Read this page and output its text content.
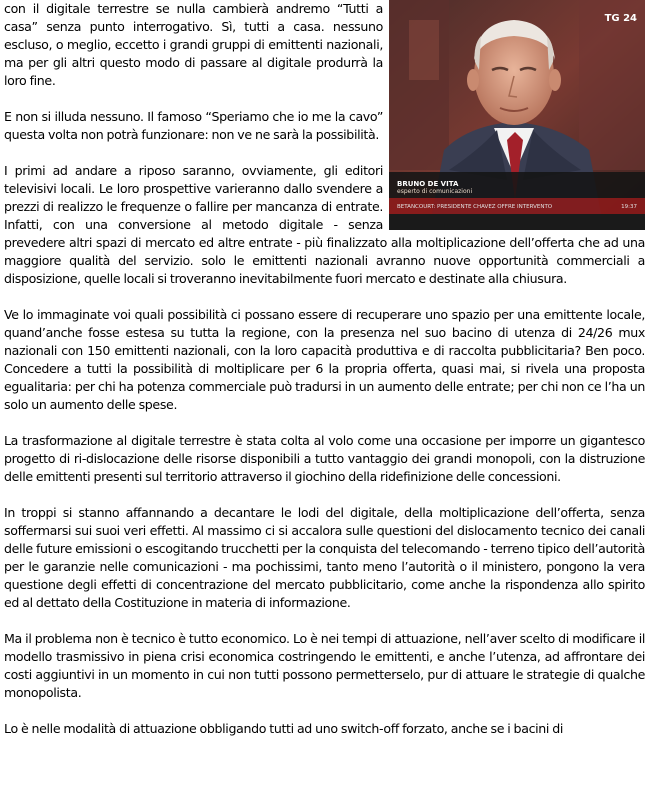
TG 24
BRUNO DE VITA
esperto di comunicazioni
BETANCOURT: PRESIDENTE CHAVEZ OFFRE INTERVENTO	19:37

con il digitale terrestre se nulla cambierà andremo “Tutti a casa” senza punto interrogativo. Sì, tutti a casa. nessuno escluso, o meglio, eccetto i grandi gruppi di emittenti nazionali, ma per gli altri questo modo di passare al digitale produrrà la loro fine.

E non si illuda nessuno. Il famoso “Speriamo che io me la cavo” questa volta non potrà funzionare: non ve ne sarà la possibilità.

I primi ad andare a riposo saranno, ovviamente, gli editori televisivi locali. Le loro prospettive varieranno dallo svendere a prezzi di realizzo le frequenze o fallire per mancanza di entrate. Infatti, con una conversione al metodo digitale - senza prevedere altri spazi di mercato ed altre entrate - più finalizzato alla moltiplicazione dell’offerta che ad una maggiore qualità del servizio. solo le emittenti nazionali avranno nuove opportunità commerciali a disposizione, quelle locali si troveranno inevitabilmente fuori mercato e destinate alla chiusura.

Ve lo immaginate voi quali possibilità ci possano essere di recuperare uno spazio per una emittente locale, quand’anche fosse estesa su tutta la regione, con la presenza nel suo bacino di utenza di 24/26 mux nazionali con 150 emittenti nazionali, con la loro capacità produttiva e di raccolta pubblicitaria? Ben poco. Concedere a tutti la possibilità di moltiplicare per 6 la propria offerta, quasi mai, si rivela una proposta egualitaria: per chi ha potenza commerciale può tradursi in un aumento delle entrate; per chi non ce l’ha un solo un aumento delle spese.

La trasformazione al digitale terrestre è stata colta al volo come una occasione per imporre un gigantesco progetto di ri-dislocazione delle risorse disponibili a tutto vantaggio dei grandi monopoli, con la distruzione delle emittenti presenti sul territorio attraverso il giochino della ridefinizione delle concessioni.

In troppi si stanno affannando a decantare le lodi del digitale, della moltiplicazione dell’offerta, senza soffermarsi sui suoi veri effetti. Al massimo ci si accalora sulle questioni del dislocamento tecnico dei canali delle future emissioni o escogitando trucchetti per la conquista del telecomando - terreno tipico dell’autorità per le garanzie nelle comunicazioni - ma pochissimi, tanto meno l’autorità o il ministero, pongono la vera questione degli effetti di concentrazione del mercato pubblicitario, come anche la rispondenza allo spirito ed al dettato della Costituzione in materia di informazione.

Ma il problema non è tecnico è tutto economico. Lo è nei tempi di attuazione, nell’aver scelto di modificare il modello trasmissivo in piena crisi economica costringendo le emittenti, e anche l’utenza, ad affrontare dei costi aggiuntivi in un momento in cui non tutti possono permetterselo, pur di attuare le strategie di qualche monopolista.

Lo è nelle modalità di attuazione obbligando tutti ad uno switch-off forzato, anche se i bacini di
